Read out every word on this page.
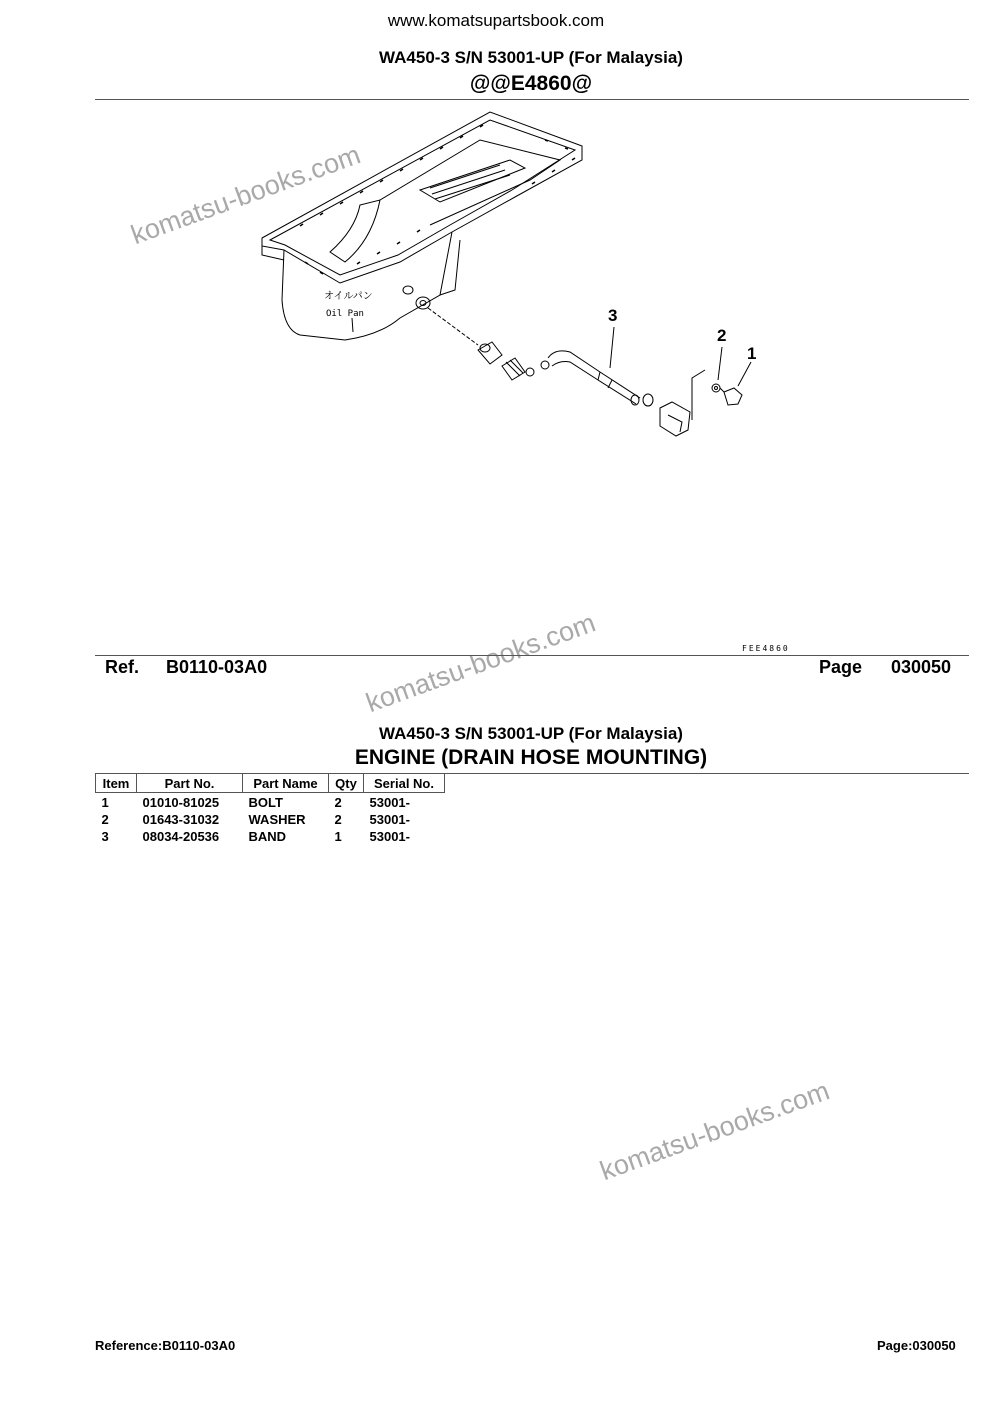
www.komatsupartsbook.com
WA450-3 S/N 53001-UP (For Malaysia)
@@E4860@
komatsu-books.com
komatsu-books.com
komatsu-books.com
オイルパン
Oil Pan	3
2
1
FEE4860
Ref. B0110-03A0	Page 030050
WA450-3 S/N 53001-UP (For Malaysia)
ENGINE (DRAIN HOSE MOUNTING)
Item	Part No.	Part Name	Qty	Serial No.
1	01010-81025	BOLT	2	53001-
2	01643-31032	WASHER	2	53001-
3	08034-20536	BAND	1	53001-
Reference:B0110-03A0	Page:030050
